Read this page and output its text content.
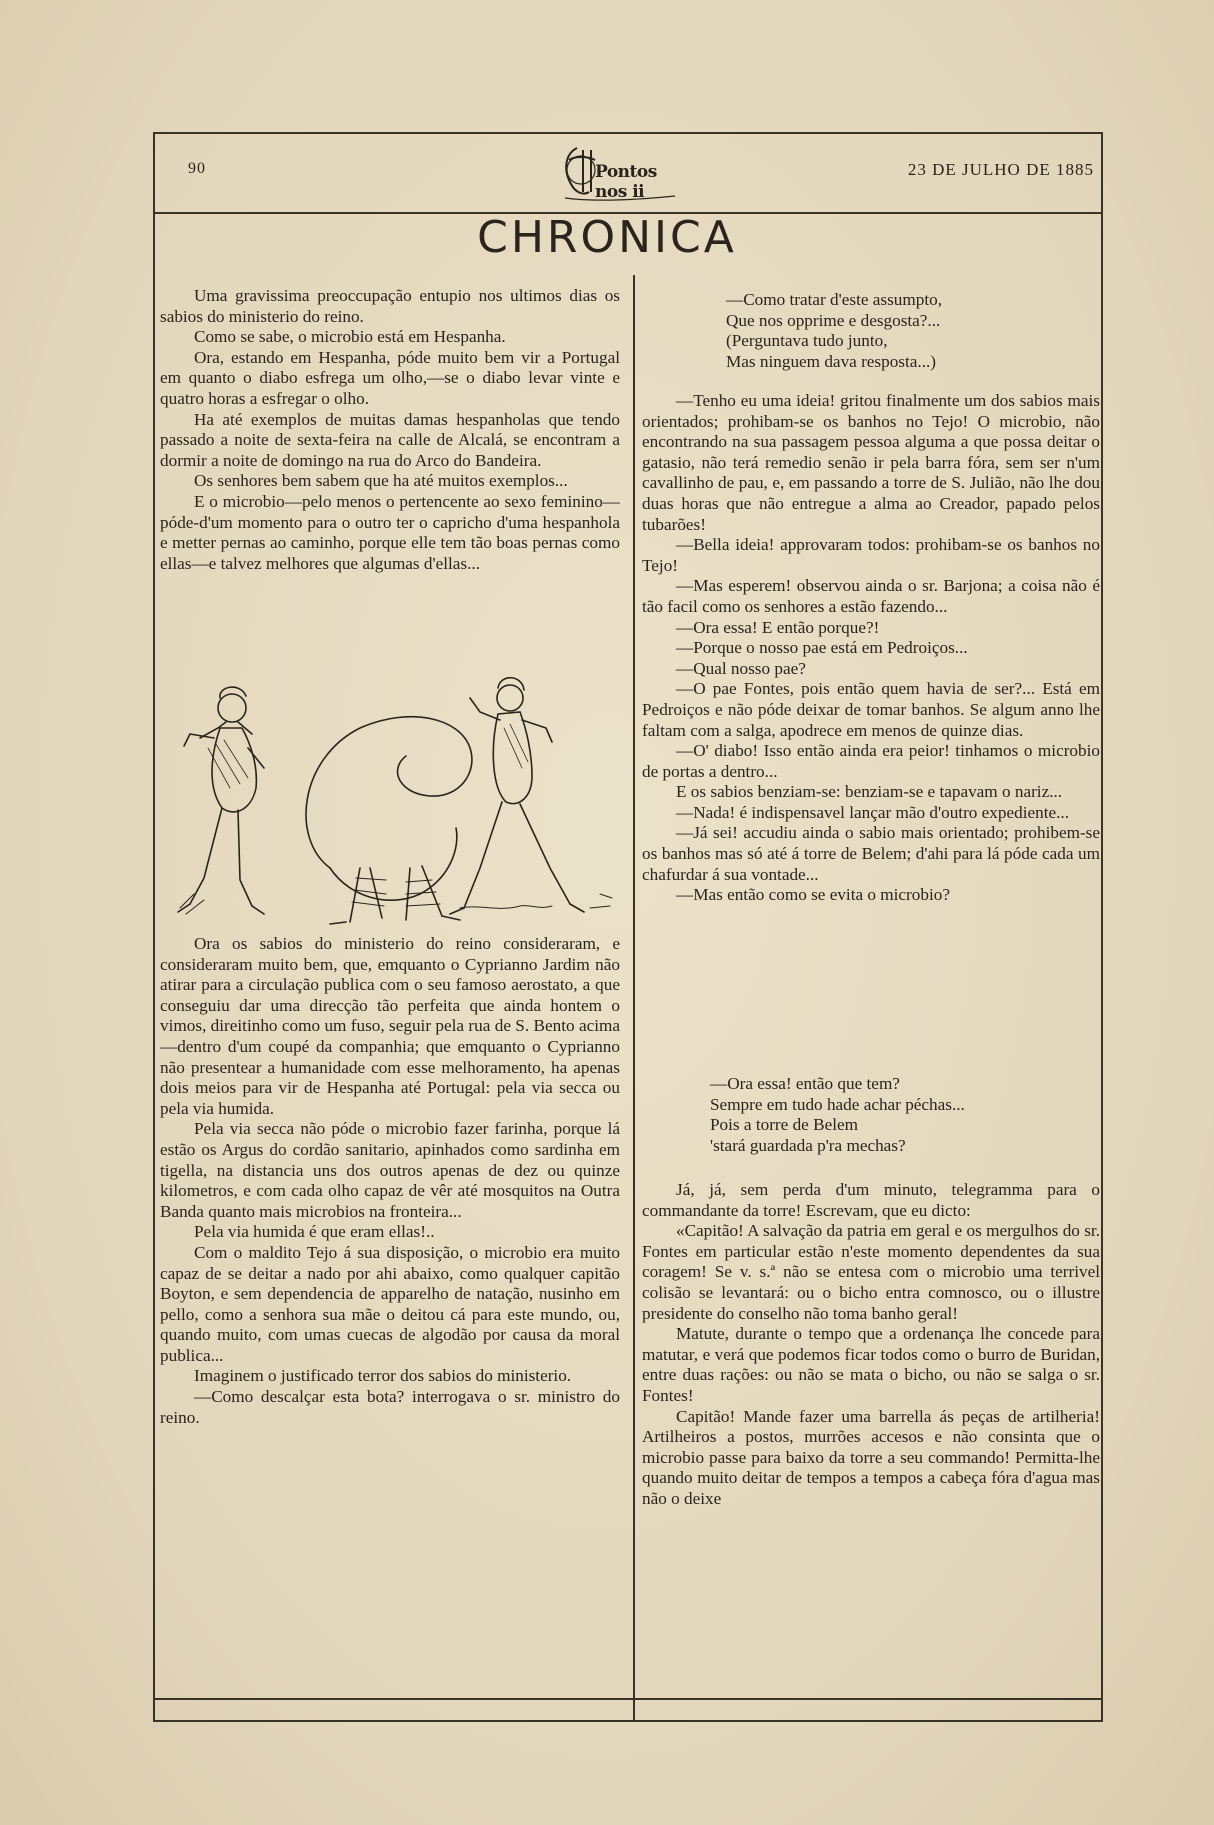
90	Pontos nos ii
23 DE JULHO DE 1885
CHRONICA

Uma gravissima preoccupação entupio nos ultimos dias os sabios do ministerio do reino.

Como se sabe, o microbio está em Hespanha.

Ora, estando em Hespanha, póde muito bem vir a Portugal em quanto o diabo esfrega um olho,—se o diabo levar vinte e quatro horas a esfregar o olho.

Ha até exemplos de muitas damas hespanholas que tendo passado a noite de sexta-feira na calle de Alcalá, se encontram a dormir a noite de domingo na rua do Arco do Bandeira.

Os senhores bem sabem que ha até muitos exemplos...

E o microbio—pelo menos o pertencente ao sexo feminino—póde-d'um momento para o outro ter o capricho d'uma hespanhola e metter pernas ao caminho, porque elle tem tão boas pernas como ellas—e talvez melhores que algumas d'ellas...

Ora os sabios do ministerio do reino consideraram, e consideraram muito bem, que, emquanto o Cyprianno Jardim não atirar para a circulação publica com o seu famoso aerostato, a que conseguiu dar uma direcção tão perfeita que ainda hontem o vimos, direitinho como um fuso, seguir pela rua de S. Bento acima—dentro d'um coupé da companhia; que emquanto o Cyprianno não presentear a humanidade com esse melhoramento, ha apenas dois meios para vir de Hespanha até Portugal: pela via secca ou pela via humida.

Pela via secca não póde o microbio fazer farinha, porque lá estão os Argus do cordão sanitario, apinhados como sardinha em tigella, na distancia uns dos outros apenas de dez ou quinze kilometros, e com cada olho capaz de vêr até mosquitos na Outra Banda quanto mais microbios na fronteira...

Pela via humida é que eram ellas!..

Com o maldito Tejo á sua disposição, o microbio era muito capaz de se deitar a nado por ahi abaixo, como qualquer capitão Boyton, e sem dependencia de apparelho de natação, nusinho em pello, como a senhora sua mãe o deitou cá para este mundo, ou, quando muito, com umas cuecas de algodão por causa da moral publica...

Imaginem o justificado terror dos sabios do ministerio.

—Como descalçar esta bota? interrogava o sr. ministro do reino.

—Como tratar d'este assumpto,

Que nos opprime e desgosta?...

(Perguntava tudo junto,

Mas ninguem dava resposta...)

—Tenho eu uma ideia! gritou finalmente um dos sabios mais orientados; prohibam-se os banhos no Tejo! O microbio, não encontrando na sua passagem pessoa alguma a que possa deitar o gatasio, não terá remedio senão ir pela barra fóra, sem ser n'um cavallinho de pau, e, em passando a torre de S. Julião, não lhe dou duas horas que não entregue a alma ao Creador, papado pelos tubarões!

—Bella ideia! approvaram todos: prohibam-se os banhos no Tejo!

—Mas esperem! observou ainda o sr. Barjona; a coisa não é tão facil como os senhores a estão fazendo...

—Ora essa! E então porque?!

—Porque o nosso pae está em Pedroiços...

—Qual nosso pae?

—O pae Fontes, pois então quem havia de ser?... Está em Pedroiços e não póde deixar de tomar banhos. Se algum anno lhe faltam com a salga, apodrece em menos de quinze dias.

—O' diabo! Isso então ainda era peior! tinhamos o microbio de portas a dentro...

E os sabios benziam-se: benziam-se e tapavam o nariz...

—Nada! é indispensavel lançar mão d'outro expediente...

—Já sei! accudiu ainda o sabio mais orientado; prohibem-se os banhos mas só até á torre de Belem; d'ahi para lá póde cada um chafurdar á sua vontade...

—Mas então como se evita o microbio?

—Ora essa! então que tem?

Sempre em tudo hade achar péchas...

Pois a torre de Belem

'stará guardada p'ra mechas?

Já, já, sem perda d'um minuto, telegramma para o commandante da torre! Escrevam, que eu dicto:

«Capitão! A salvação da patria em geral e os mergulhos do sr. Fontes em particular estão n'este momento dependentes da sua coragem! Se v. s.ª não se entesa com o microbio uma terrivel colisão se levantará: ou o bicho entra comnosco, ou o illustre presidente do conselho não toma banho geral!

Matute, durante o tempo que a ordenança lhe concede para matutar, e verá que podemos ficar todos como o burro de Buridan, entre duas rações: ou não se mata o bicho, ou não se salga o sr. Fontes!

Capitão! Mande fazer uma barrella ás peças de artilheria! Artilheiros a postos, murrões accesos e não consinta que o microbio passe para baixo da torre a seu commando! Permitta-lhe quando muito deitar de tempos a tempos a cabeça fóra d'agua mas não o deixe
